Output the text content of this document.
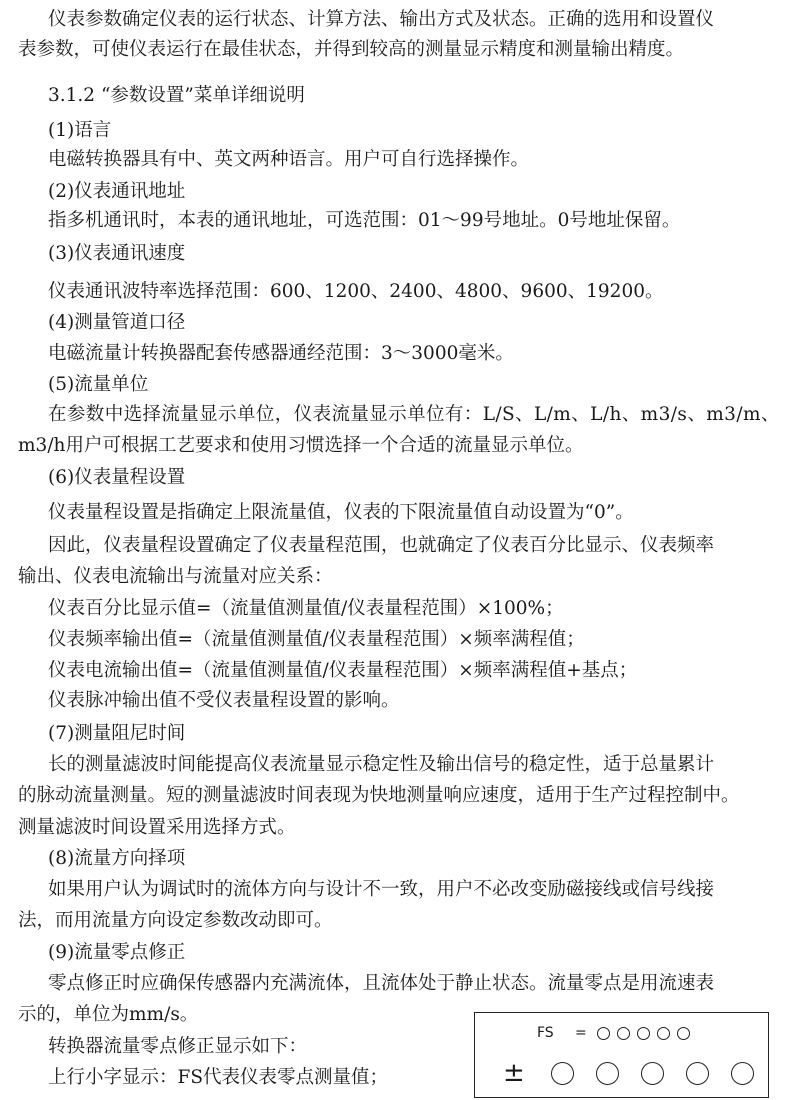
仪表参数确定仪表的运行状态、计算方法、输出方式及状态。正确的选用和设置仪
表参数，可使仪表运行在最佳状态，并得到较高的测量显示精度和测量输出精度。
3.1.2 “参数设置”菜单详细说明
(1)语言
电磁转换器具有中、英文两种语言。用户可自行选择操作。
(2)仪表通讯地址
指多机通讯时，本表的通讯地址，可选范围：01～99号地址。0号地址保留。
(3)仪表通讯速度
仪表通讯波特率选择范围：600、1200、2400、4800、9600、19200。
(4)测量管道口径
电磁流量计转换器配套传感器通经范围：3～3000毫米。
(5)流量单位
在参数中选择流量显示单位，仪表流量显示单位有：L/S、L/m、L/h、m3/s、m3/m、
m3/h用户可根据工艺要求和使用习惯选择一个合适的流量显示单位。
(6)仪表量程设置
仪表量程设置是指确定上限流量值，仪表的下限流量值自动设置为“0”。
因此，仪表量程设置确定了仪表量程范围，也就确定了仪表百分比显示、仪表频率
输出、仪表电流输出与流量对应关系：
仪表百分比显示值=（流量值测量值/仪表量程范围）×100%；
仪表频率输出值=（流量值测量值/仪表量程范围）×频率满程值；
仪表电流输出值=（流量值测量值/仪表量程范围）×频率满程值+基点；
仪表脉冲输出值不受仪表量程设置的影响。
(7)测量阻尼时间
长的测量滤波时间能提高仪表流量显示稳定性及输出信号的稳定性，适于总量累计
的脉动流量测量。短的测量滤波时间表现为快地测量响应速度，适用于生产过程控制中。
测量滤波时间设置采用选择方式。
(8)流量方向择项
如果用户认为调试时的流体方向与设计不一致，用户不必改变励磁接线或信号线接
法，而用流量方向设定参数改动即可。
(9)流量零点修正
零点修正时应确保传感器内充满流体，且流体处于静止状态。流量零点是用流速表
示的，单位为mm/s。
转换器流量零点修正显示如下：
上行小字显示：FS代表仪表零点测量值；
FS	=
±
